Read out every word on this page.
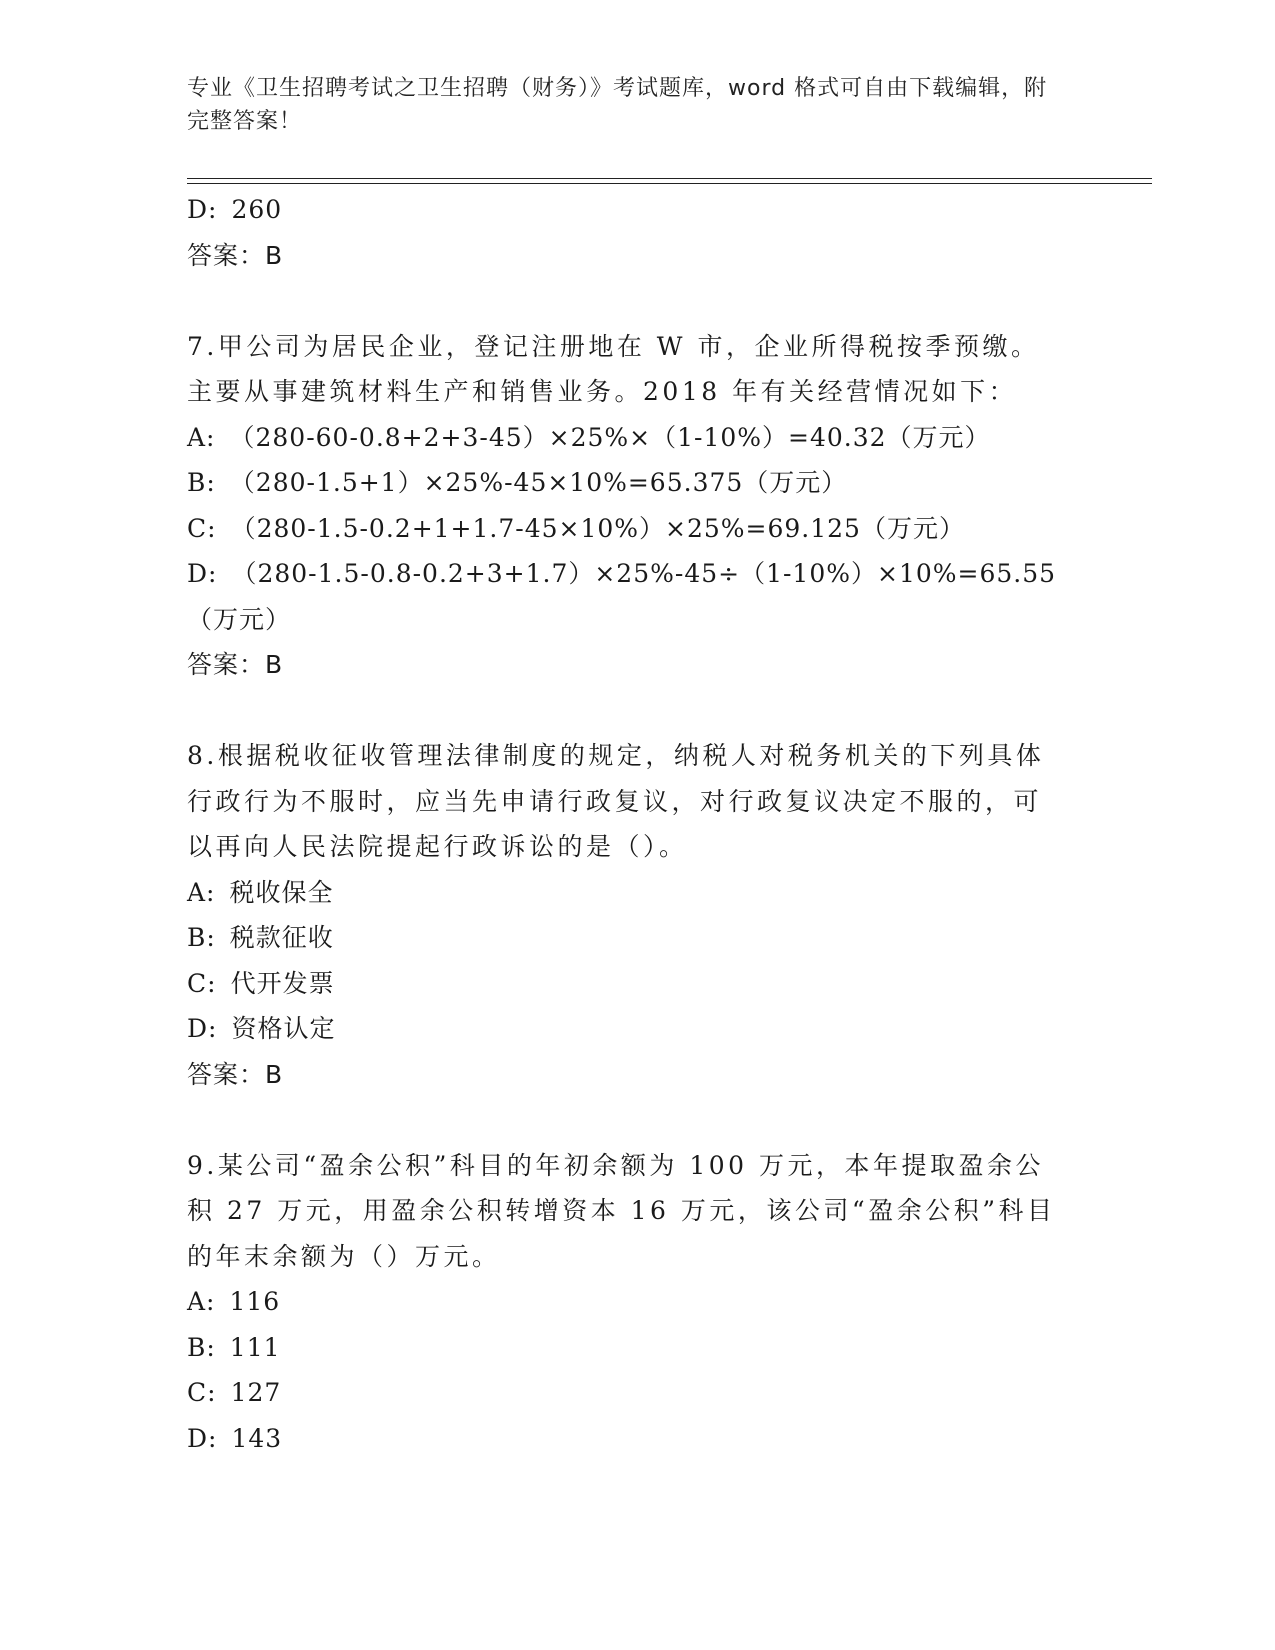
专业《卫生招聘考试之卫生招聘（财务）》考试题库，word 格式可自由下载编辑，附完整答案！
D: 260
答案：B
7.甲公司为居民企业，登记注册地在 W 市，企业所得税按季预缴。主要从事建筑材料生产和销售业务。2018 年有关经营情况如下：
A: （280-60-0.8+2+3-45）×25%×（1-10%）=40.32（万元）
B: （280-1.5+1）×25%-45×10%=65.375（万元）
C: （280-1.5-0.2+1+1.7-45×10%）×25%=69.125（万元）
D: （280-1.5-0.8-0.2+3+1.7）×25%-45÷（1-10%）×10%=65.55（万元）
答案：B
8.根据税收征收管理法律制度的规定，纳税人对税务机关的下列具体行政行为不服时，应当先申请行政复议，对行政复议决定不服的，可以再向人民法院提起行政诉讼的是（）。
A: 税收保全
B: 税款征收
C: 代开发票
D: 资格认定
答案：B
9.某公司“盈余公积”科目的年初余额为 100 万元，本年提取盈余公积 27 万元，用盈余公积转增资本 16 万元，该公司“盈余公积”科目的年末余额为（）万元。
A: 116
B: 111
C: 127
D: 143
